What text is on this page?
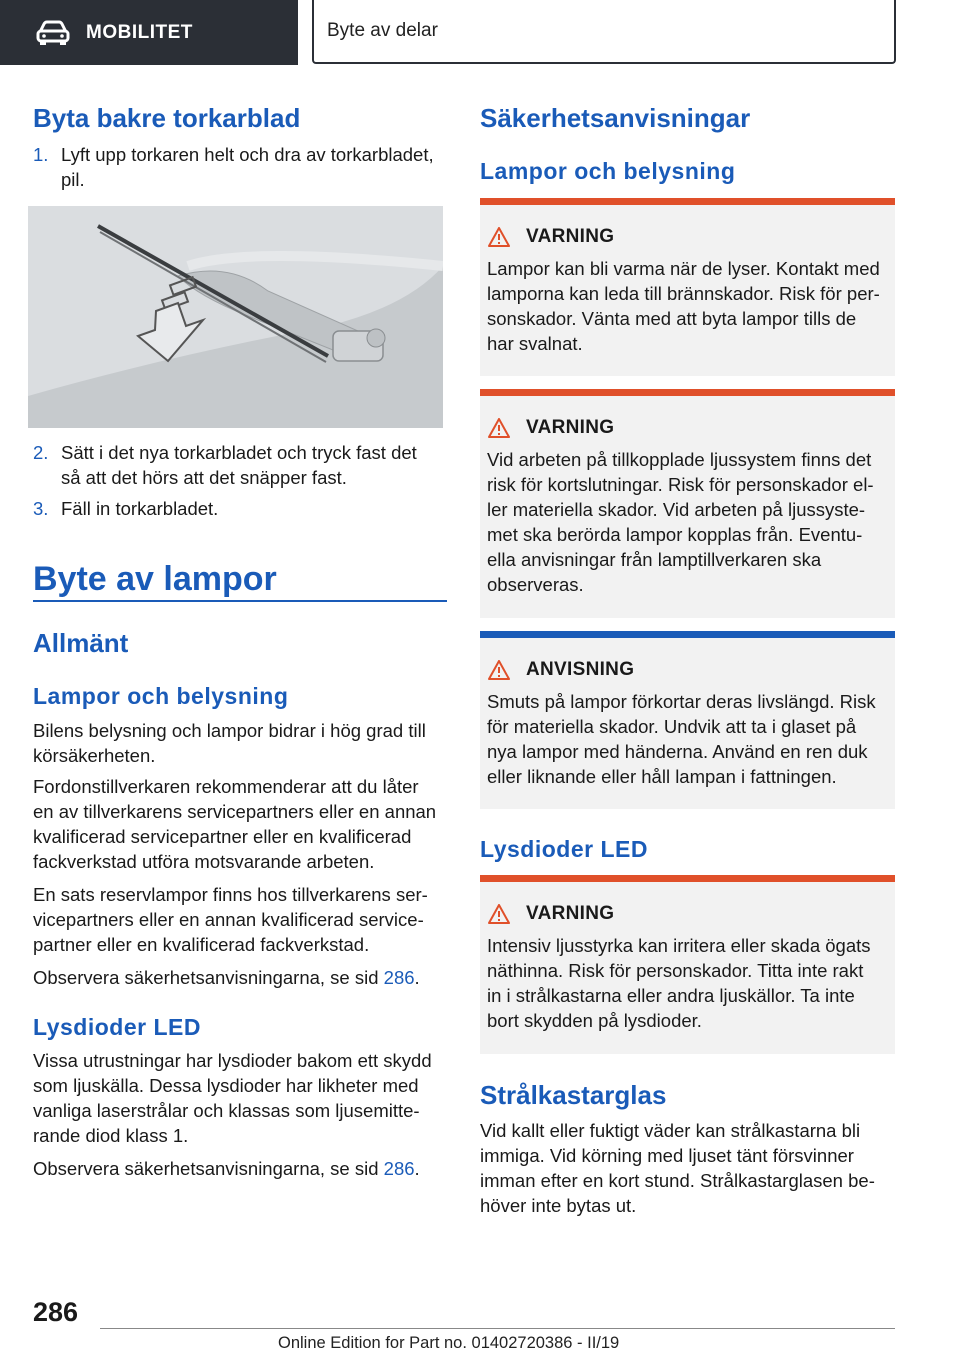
MOBILITET	Byte av delar
Byta bakre torkarblad
1. Lyft upp torkaren helt och dra av torkarbladet,
pil.
2. Sätt i det nya torkarbladet och tryck fast det
så att det hörs att det snäpper fast.
3. Fäll in torkarbladet.
Byte av lampor
Allmänt
Lampor och belysning
Bilens belysning och lampor bidrar i hög grad till
körsäkerheten.
Fordonstillverkaren rekommenderar att du låter
en av tillverkarens servicepartners eller en annan
kvalificerad servicepartner eller en kvalificerad
fackverkstad utföra motsvarande arbeten.
En sats reservlampor finns hos tillverkarens ser-
vicepartners eller en annan kvalificerad service-
partner eller en kvalificerad fackverkstad.
Observera säkerhetsanvisningarna, se sid 286.
Lysdioder LED
Vissa utrustningar har lysdioder bakom ett skydd
som ljuskälla. Dessa lysdioder har likheter med
vanliga laserstrålar och klassas som ljusemitte-
rande diod klass 1.
Observera säkerhetsanvisningarna, se sid 286.
Säkerhetsanvisningar
Lampor och belysning
VARNING
Lampor kan bli varma när de lyser. Kontakt med
lamporna kan leda till brännskador. Risk för per-
sonskador. Vänta med att byta lampor tills de
har svalnat.
VARNING
Vid arbeten på tillkopplade ljussystem finns det
risk för kortslutningar. Risk för personskador el-
ler materiella skador. Vid arbeten på ljussyste-
met ska berörda lampor kopplas från. Eventu-
ella anvisningar från lamptillverkaren ska
observeras.
ANVISNING
Smuts på lampor förkortar deras livslängd. Risk
för materiella skador. Undvik att ta i glaset på
nya lampor med händerna. Använd en ren duk
eller liknande eller håll lampan i fattningen.
Lysdioder LED
VARNING
Intensiv ljusstyrka kan irritera eller skada ögats
näthinna. Risk för personskador. Titta inte rakt
in i strålkastarna eller andra ljuskällor. Ta inte
bort skydden på lysdioder.
Strålkastarglas
Vid kallt eller fuktigt väder kan strålkastarna bli
immiga. Vid körning med ljuset tänt försvinner
imman efter en kort stund. Strålkastarglasen be-
höver inte bytas ut.
286
Online Edition for Part no. 01402720386 - II/19
